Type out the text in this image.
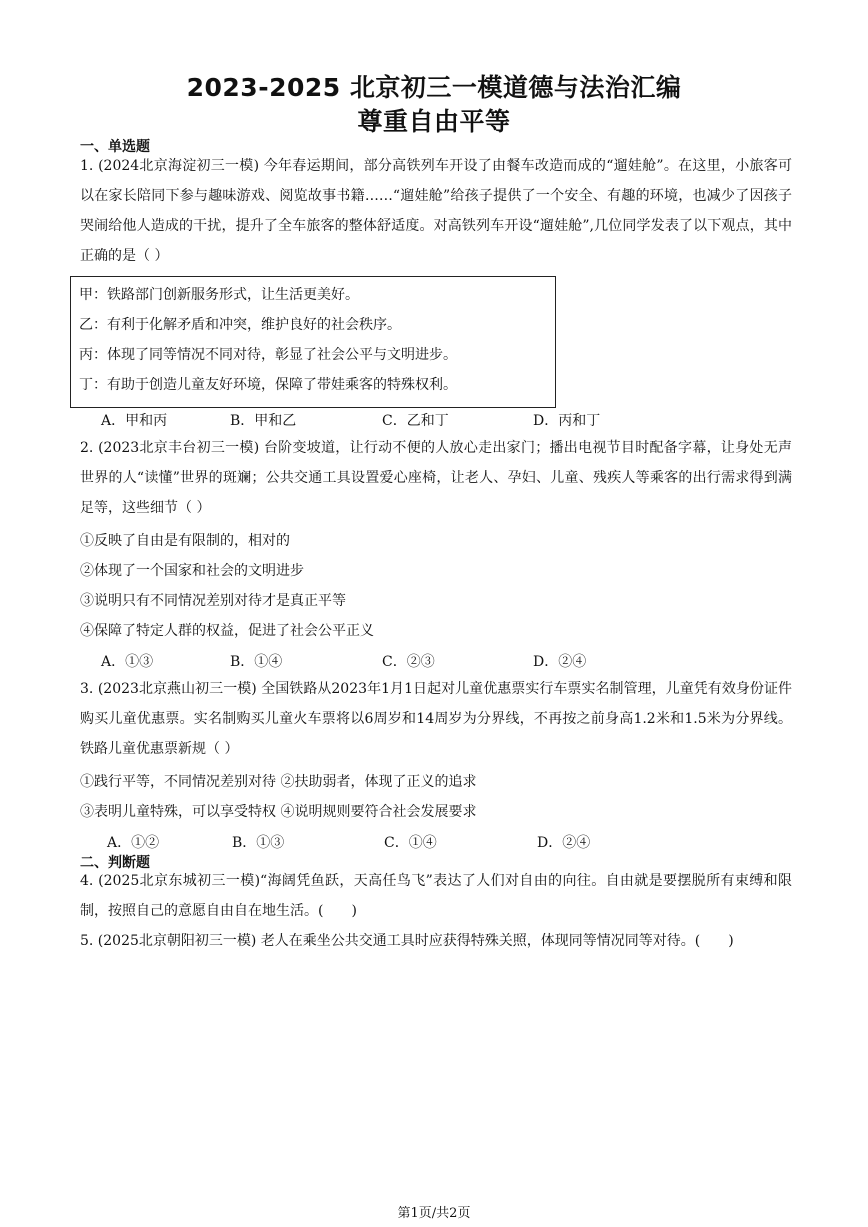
2023-2025 北京初三一模道德与法治汇编
尊重自由平等
一、单选题
1. (2024北京海淀初三一模) 今年春运期间，部分高铁列车开设了由餐车改造而成的“遛娃舱”。在这里，小旅客可以在家长陪同下参与趣味游戏、阅览故事书籍……“遛娃舱”给孩子提供了一个安全、有趣的环境，也减少了因孩子哭闹给他人造成的干扰，提升了全车旅客的整体舒适度。对高铁列车开设“遛娃舱”,几位同学发表了以下观点，其中正确的是（ ）
甲：铁路部门创新服务形式，让生活更美好。
乙：有利于化解矛盾和冲突，维护良好的社会秩序。
丙：体现了同等情况不同对待，彰显了社会公平与文明进步。
丁：有助于创造儿童友好环境，保障了带娃乘客的特殊权利。
A．甲和丙	B．甲和乙	C．乙和丁	D．丙和丁
2. (2023北京丰台初三一模) 台阶变坡道，让行动不便的人放心走出家门；播出电视节目时配备字幕，让身处无声世界的人“读懂”世界的斑斓；公共交通工具设置爱心座椅，让老人、孕妇、儿童、残疾人等乘客的出行需求得到满足等，这些细节（ ）
①反映了自由是有限制的，相对的
②体现了一个国家和社会的文明进步
③说明只有不同情况差别对待才是真正平等
④保障了特定人群的权益，促进了社会公平正义
A．①③	B．①④	C．②③	D．②④
3. (2023北京燕山初三一模) 全国铁路从2023年1月1日起对儿童优惠票实行车票实名制管理，儿童凭有效身份证件购买儿童优惠票。实名制购买儿童火车票将以6周岁和14周岁为分界线，不再按之前身高1.2米和1.5米为分界线。铁路儿童优惠票新规（ ）
①践行平等，不同情况差别对待 ②扶助弱者，体现了正义的追求
③表明儿童特殊，可以享受特权 ④说明规则要符合社会发展要求
A．①②	B．①③	C．①④	D．②④
二、判断题
4. (2025北京东城初三一模)“海阔凭鱼跃，天高任鸟飞”表达了人们对自由的向往。自由就是要摆脱所有束缚和限制，按照自己的意愿自由自在地生活。(　　)
5. (2025北京朝阳初三一模) 老人在乘坐公共交通工具时应获得特殊关照，体现同等情况同等对待。(　　)
第1页/共2页
